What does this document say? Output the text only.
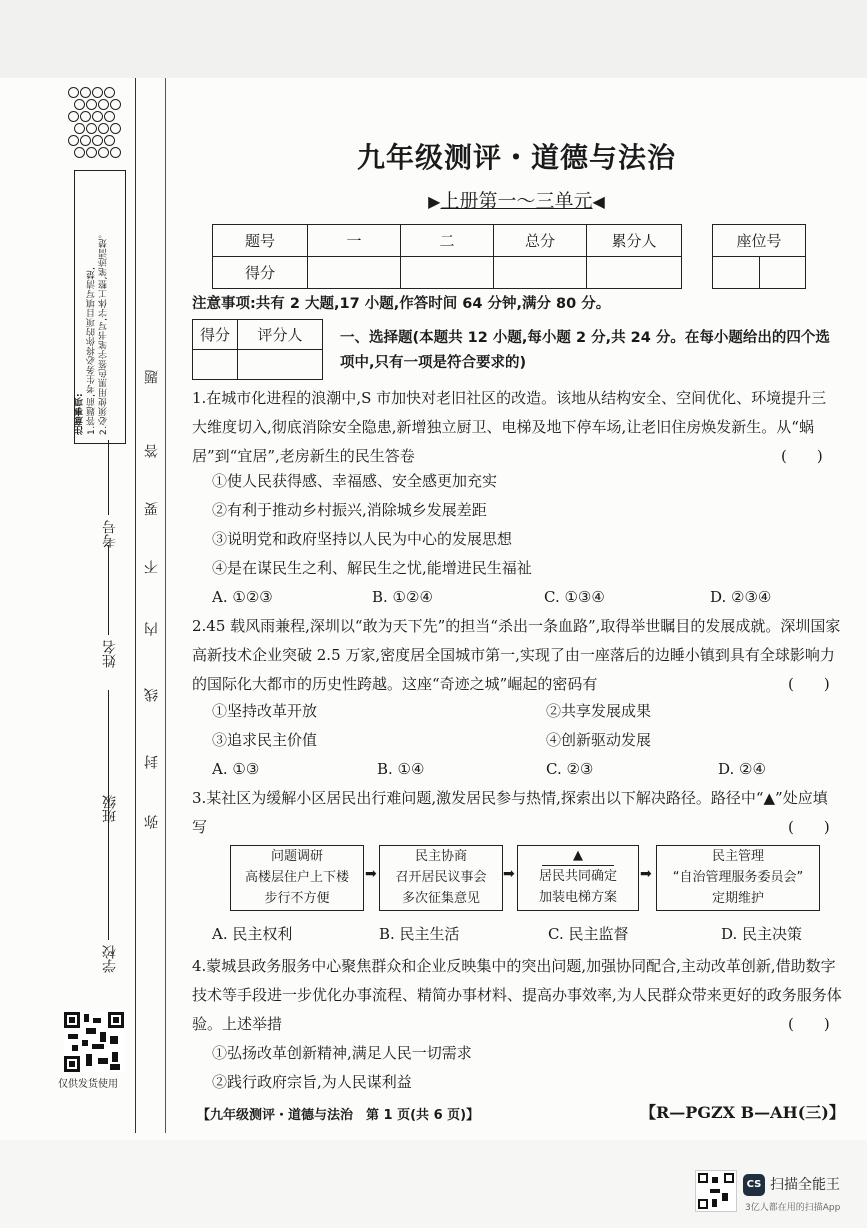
注意事项: 1.答题前,考生务必将你的项目填写清楚, 2.必须使用黑色签字笔书写,字体工整,笔迹清楚。
学校
班级
姓名
考号
题
答
要
不
内
线
封
弥
仅供发货使用
九年级测评・道德与法治
▶上册第一～三单元◀
题号	一	二	总分	累分人
得分				
座位号

注意事项:共有 2 大题,17 小题,作答时间 64 分钟,满分 80 分。
得分	评分人
		一、选择题(本题共 12 小题,每小题 2 分,共 24 分。在每小题给出的四个选项中,只有一项是符合要求的)
1.在城市化进程的浪潮中,S 市加快对老旧社区的改造。该地从结构安全、空间优化、环境提升三大维度切入,彻底消除安全隐患,新增独立厨卫、电梯及地下停车场,让老旧住房焕发新生。从“蜗居”到“宜居”,老房新生的民生答卷	(　　)
①使人民获得感、幸福感、安全感更加充实
②有利于推动乡村振兴,消除城乡发展差距
③说明党和政府坚持以人民为中心的发展思想
④是在谋民生之利、解民生之忧,能增进民生福祉
A. ①②③	B. ①②④	C. ①③④	D. ②③④
2.45 载风雨兼程,深圳以“敢为天下先”的担当“杀出一条血路”,取得举世瞩目的发展成就。深圳国家高新技术企业突破 2.5 万家,密度居全国城市第一,实现了由一座落后的边睡小镇到具有全球影响力的国际化大都市的历史性跨越。这座“奇迹之城”崛起的密码有	(　　)
①坚持改革开放	②共享发展成果
③追求民主价值	④创新驱动发展
A. ①③	B. ①④	C. ②③	D. ②④
3.某社区为缓解小区居民出行难问题,激发居民参与热情,探索出以下解决路径。路径中“▲”处应填写	(　　)
问题调研
高楼层住户上下楼
步行不方便
➡
民主协商
召开居民议事会
多次征集意见
➡
▲
居民共同确定
加装电梯方案
➡
民主管理
“自治管理服务委员会”
定期维护
A. 民主权利	B. 民主生活	C. 民主监督	D. 民主决策
4.蒙城县政务服务中心聚焦群众和企业反映集中的突出问题,加强协同配合,主动改革创新,借助数字技术等手段进一步优化办事流程、精简办事材料、提高办事效率,为人民群众带来更好的政务服务体验。上述举措	(　　)
①弘扬改革创新精神,满足人民一切需求
②践行政府宗旨,为人民谋利益
【九年级测评・道德与法治　第 1 页(共 6 页)】	【R—PGZX B—AH(三)】
CS 扫描全能王
3亿人都在用的扫描App
